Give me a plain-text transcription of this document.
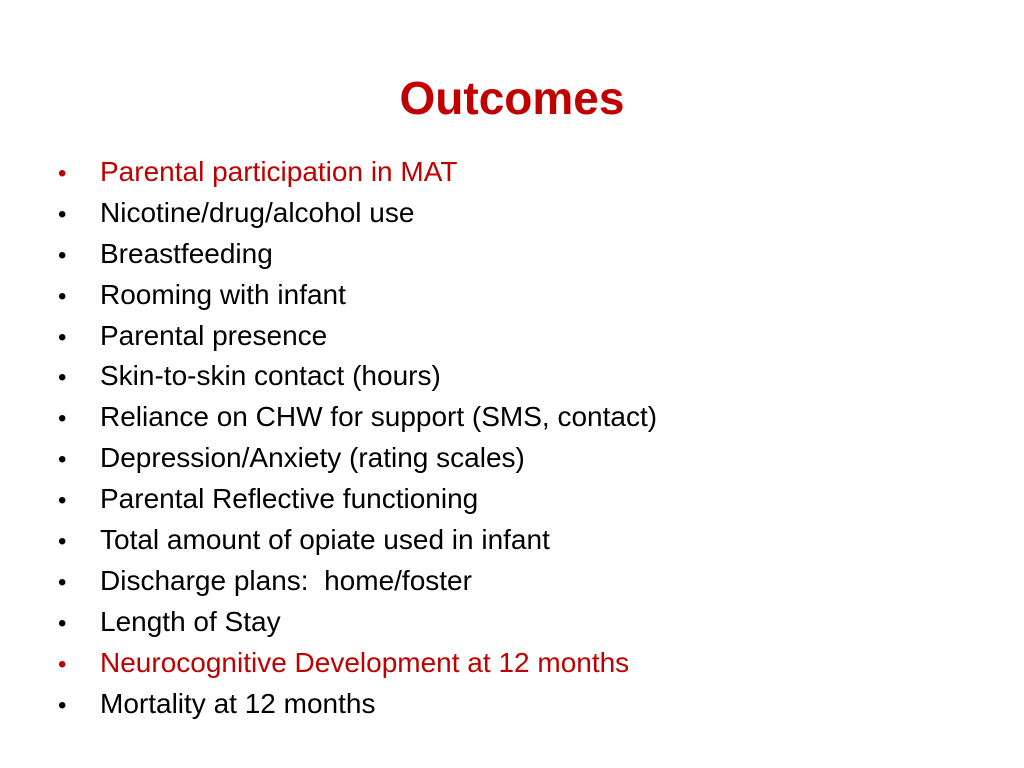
Outcomes
•	Parental participation in MAT
•	Nicotine/drug/alcohol use
•	Breastfeeding
•	Rooming with infant
•	Parental presence
•	Skin-to-skin contact (hours)
•	Reliance on CHW for support (SMS, contact)
•	Depression/Anxiety (rating scales)
•	Parental Reflective functioning
•	Total amount of opiate used in infant
•	Discharge plans:  home/foster
•	Length of Stay
•	Neurocognitive Development at 12 months
•	Mortality at 12 months
